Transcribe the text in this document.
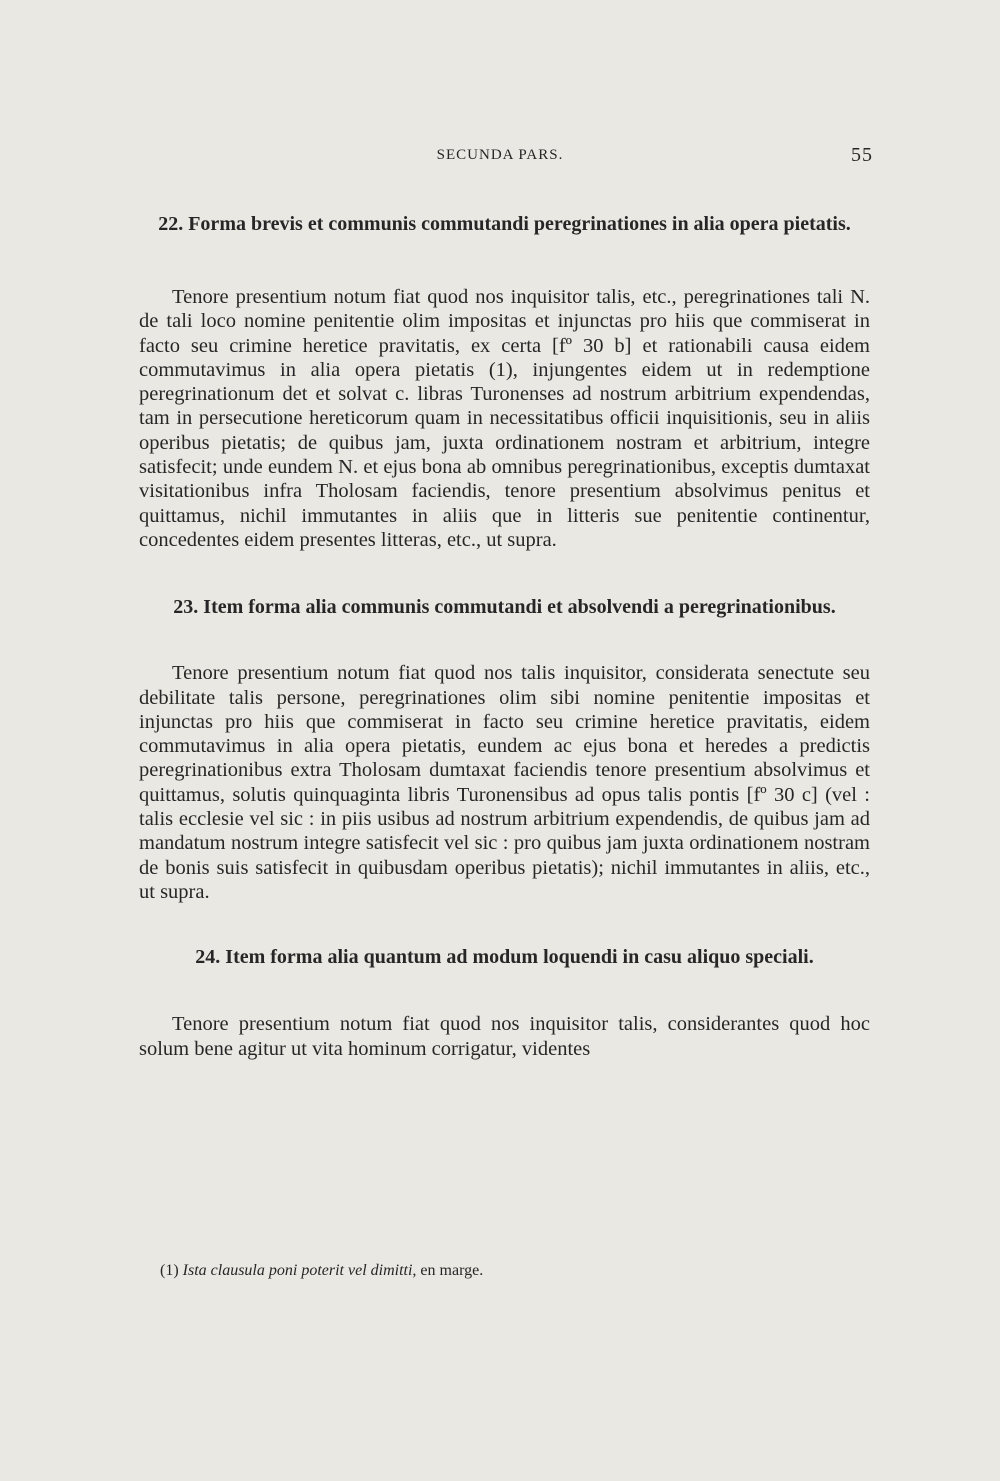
SECUNDA PARS.	55

22. Forma brevis et communis commutandi peregrinationes in alia opera pietatis.

Tenore presentium notum fiat quod nos inquisitor talis, etc., peregrinationes tali N. de tali loco nomine penitentie olim impositas et injunctas pro hiis que commiserat in facto seu crimine heretice pravitatis, ex certa [fº 30 b] et rationabili causa eidem commutavimus in alia opera pietatis (1), injungentes eidem ut in redemptione peregrinationum det et solvat c. libras Turonenses ad nostrum arbitrium expendendas, tam in persecutione hereticorum quam in necessitatibus officii inquisitionis, seu in aliis operibus pietatis; de quibus jam, juxta ordinationem nostram et arbitrium, integre satisfecit; unde eundem N. et ejus bona ab omnibus peregrinationibus, exceptis dumtaxat visitationibus infra Tholosam faciendis, tenore presentium absolvimus penitus et quittamus, nichil immutantes in aliis que in litteris sue penitentie continentur, concedentes eidem presentes litteras, etc., ut supra.

23. Item forma alia communis commutandi et absolvendi a peregrinationibus.

Tenore presentium notum fiat quod nos talis inquisitor, considerata senectute seu debilitate talis persone, peregrinationes olim sibi nomine penitentie impositas et injunctas pro hiis que commiserat in facto seu crimine heretice pravitatis, eidem commutavimus in alia opera pietatis, eundem ac ejus bona et heredes a predictis peregrinationibus extra Tholosam dumtaxat faciendis tenore presentium absolvimus et quittamus, solutis quinquaginta libris Turonensibus ad opus talis pontis [fº 30 c] (vel : talis ecclesie vel sic : in piis usibus ad nostrum arbitrium expendendis, de quibus jam ad mandatum nostrum integre satisfecit vel sic : pro quibus jam juxta ordinationem nostram de bonis suis satisfecit in quibusdam operibus pietatis); nichil immutantes in aliis, etc., ut supra.

24. Item forma alia quantum ad modum loquendi in casu aliquo speciali.

Tenore presentium notum fiat quod nos inquisitor talis, considerantes quod hoc solum bene agitur ut vita hominum corrigatur, videntes

(1) Ista clausula poni poterit vel dimitti, en marge.
